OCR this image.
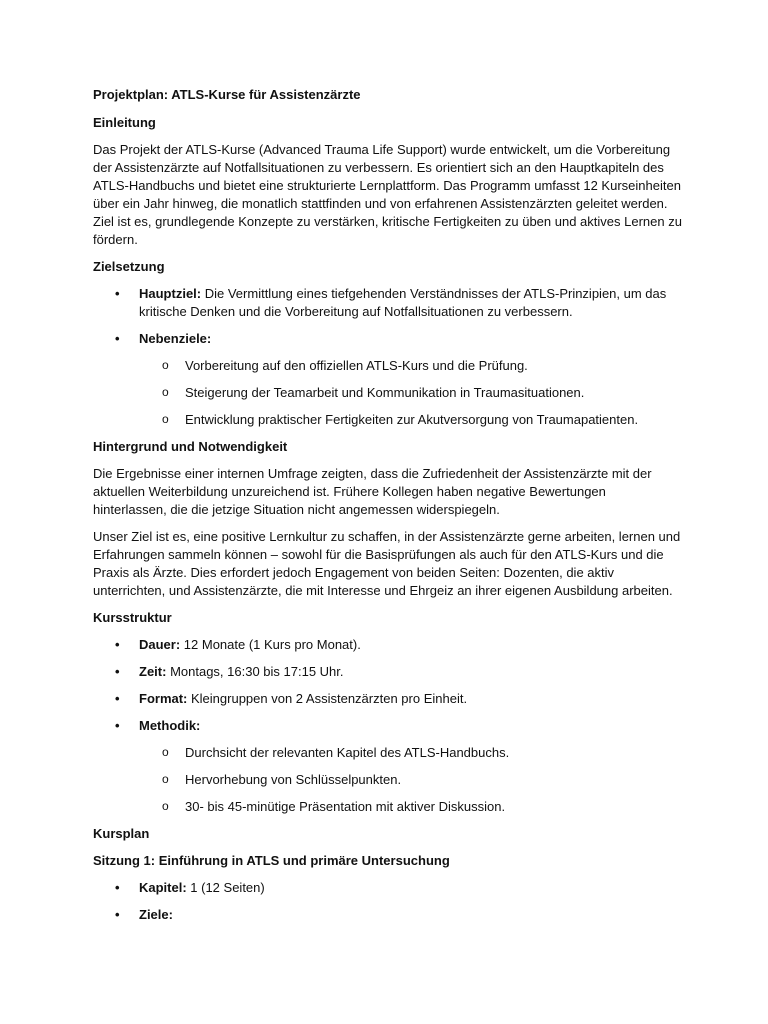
Projektplan: ATLS-Kurse für Assistenzärzte
Einleitung

Das Projekt der ATLS-Kurse (Advanced Trauma Life Support) wurde entwickelt, um die Vorbereitung der Assistenzärzte auf Notfallsituationen zu verbessern. Es orientiert sich an den Hauptkapiteln des ATLS-Handbuchs und bietet eine strukturierte Lernplattform. Das Programm umfasst 12 Kurseinheiten über ein Jahr hinweg, die monatlich stattfinden und von erfahrenen Assistenzärzten geleitet werden. Ziel ist es, grundlegende Konzepte zu verstärken, kritische Fertigkeiten zu üben und aktives Lernen zu fördern.

Zielsetzung
• Hauptziel: Die Vermittlung eines tiefgehenden Verständnisses der ATLS-Prinzipien, um das kritische Denken und die Vorbereitung auf Notfallsituationen zu verbessern.
• Nebenziele:
o Vorbereitung auf den offiziellen ATLS-Kurs und die Prüfung.
o Steigerung der Teamarbeit und Kommunikation in Traumasituationen.
o Entwicklung praktischer Fertigkeiten zur Akutversorgung von Traumapatienten.
Hintergrund und Notwendigkeit

Die Ergebnisse einer internen Umfrage zeigten, dass die Zufriedenheit der Assistenzärzte mit der aktuellen Weiterbildung unzureichend ist. Frühere Kollegen haben negative Bewertungen hinterlassen, die die jetzige Situation nicht angemessen widerspiegeln.

Unser Ziel ist es, eine positive Lernkultur zu schaffen, in der Assistenzärzte gerne arbeiten, lernen und Erfahrungen sammeln können – sowohl für die Basisprüfungen als auch für den ATLS-Kurs und die Praxis als Ärzte. Dies erfordert jedoch Engagement von beiden Seiten: Dozenten, die aktiv unterrichten, und Assistenzärzte, die mit Interesse und Ehrgeiz an ihrer eigenen Ausbildung arbeiten.

Kursstruktur
• Dauer: 12 Monate (1 Kurs pro Monat).
• Zeit: Montags, 16:30 bis 17:15 Uhr.
• Format: Kleingruppen von 2 Assistenzärzten pro Einheit.
• Methodik:
o Durchsicht der relevanten Kapitel des ATLS-Handbuchs.
o Hervorhebung von Schlüsselpunkten.
o 30- bis 45-minütige Präsentation mit aktiver Diskussion.
Kursplan
Sitzung 1: Einführung in ATLS und primäre Untersuchung
• Kapitel: 1 (12 Seiten)
• Ziele:
